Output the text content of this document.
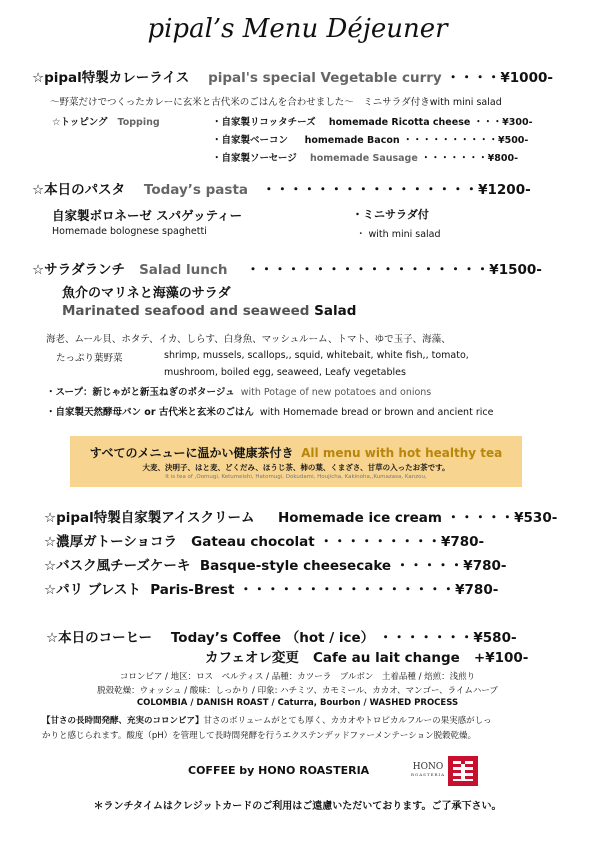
pipal’s Menu Déjeuner
☆pipal特製カレーライス pipal's special Vegetable curry ・・・・¥1000-
〜野菜だけでつくったカレーに玄米と古代米のごはんを合わせました〜　ミニサラダ付きwith mini salad
☆トッピング Topping	・自家製リコッタチーズ homemade Ricotta cheese ・・・¥300-
・自家製ベーコン homemade Bacon ・・・・・・・・・・¥500-
・自家製ソーセージ homemade Sausage ・・・・・・・¥800-
☆本日のパスタ Today’s pasta ・・・・・・・・・・・・・・・・¥1200-
自家製ボロネーゼ スパゲッティー	・ミニサラダ付
Homemade bolognese spaghetti	・ with mini salad
☆サラダランチ Salad lunch ・・・・・・・・・・・・・・・・・・¥1500-
魚介のマリネと海藻のサラダ
Marinated seafood and seaweed Salad
海老、ムール貝、ホタテ、イカ、しらす、白身魚、マッシュルーム、トマト、ゆで玉子、海藻、
たっぷり葉野菜	shrimp, mussels, scallops,, squid, whitebait, white fish,, tomato,
mushroom, boiled egg, seaweed, Leafy vegetables
・スープ：新じゃがと新玉ねぎのポタージュ with Potage of new potatoes and onions
・自家製天然酵母パン or 古代米と玄米のごはん with Homemade bread or brown and ancient rice
すべてのメニューに温かい健康茶付き All menu with hot healthy tea
大麦、決明子、はと麦、どくだみ、ほうじ茶、柿の葉、くまざさ、甘草の入ったお茶です。
It is tea of ,Oomugi, Ketumeishi, Hatomugi, Dokudami, Houjicha, Kakinoha,,Kumazasa, Kanzou,
☆pipal特製自家製アイスクリーム Homemade ice cream ・・・・・¥530-
☆濃厚ガトーショコラ Gateau chocolat ・・・・・・・・・¥780-
☆バスク風チーズケーキ Basque-style cheesecake ・・・・・¥780-
☆パリ ブレスト Paris-Brest ・・・・・・・・・・・・・・・・¥780-
☆本日のコーヒー Today’s Coffee （hot / ice） ・・・・・・・¥580-
カフェオレ変更 Cafe au lait change +¥100-
コロンビア / 地区：ロス　ペルティス / 品種：カツーラ　ブルボン　土着品種 / 焙煎：浅煎り
脱殻乾燥：ウォッシュ / 酸味：しっかり / 印象: ハチミツ、カモミール、カカオ、マンゴー、ライムハーブ
COLOMBIA / DANISH ROAST / Caturra, Bourbon / WASHED PROCESS
【甘さの長時間発酵、充実のコロンビア】甘さのボリュームがとても厚く、カカオやトロピカルフルーの果実感がしっ
かりと感じられます。酸度（pH）を管理して長時間発酵を行うエクステンデッドファーメンテーション脱穀乾燥。
COFFEE by HONO ROASTERIA	HONO
ROASTERIA
＊ランチタイムはクレジットカードのご利用はご遠慮いただいております。ご了承下さい。
